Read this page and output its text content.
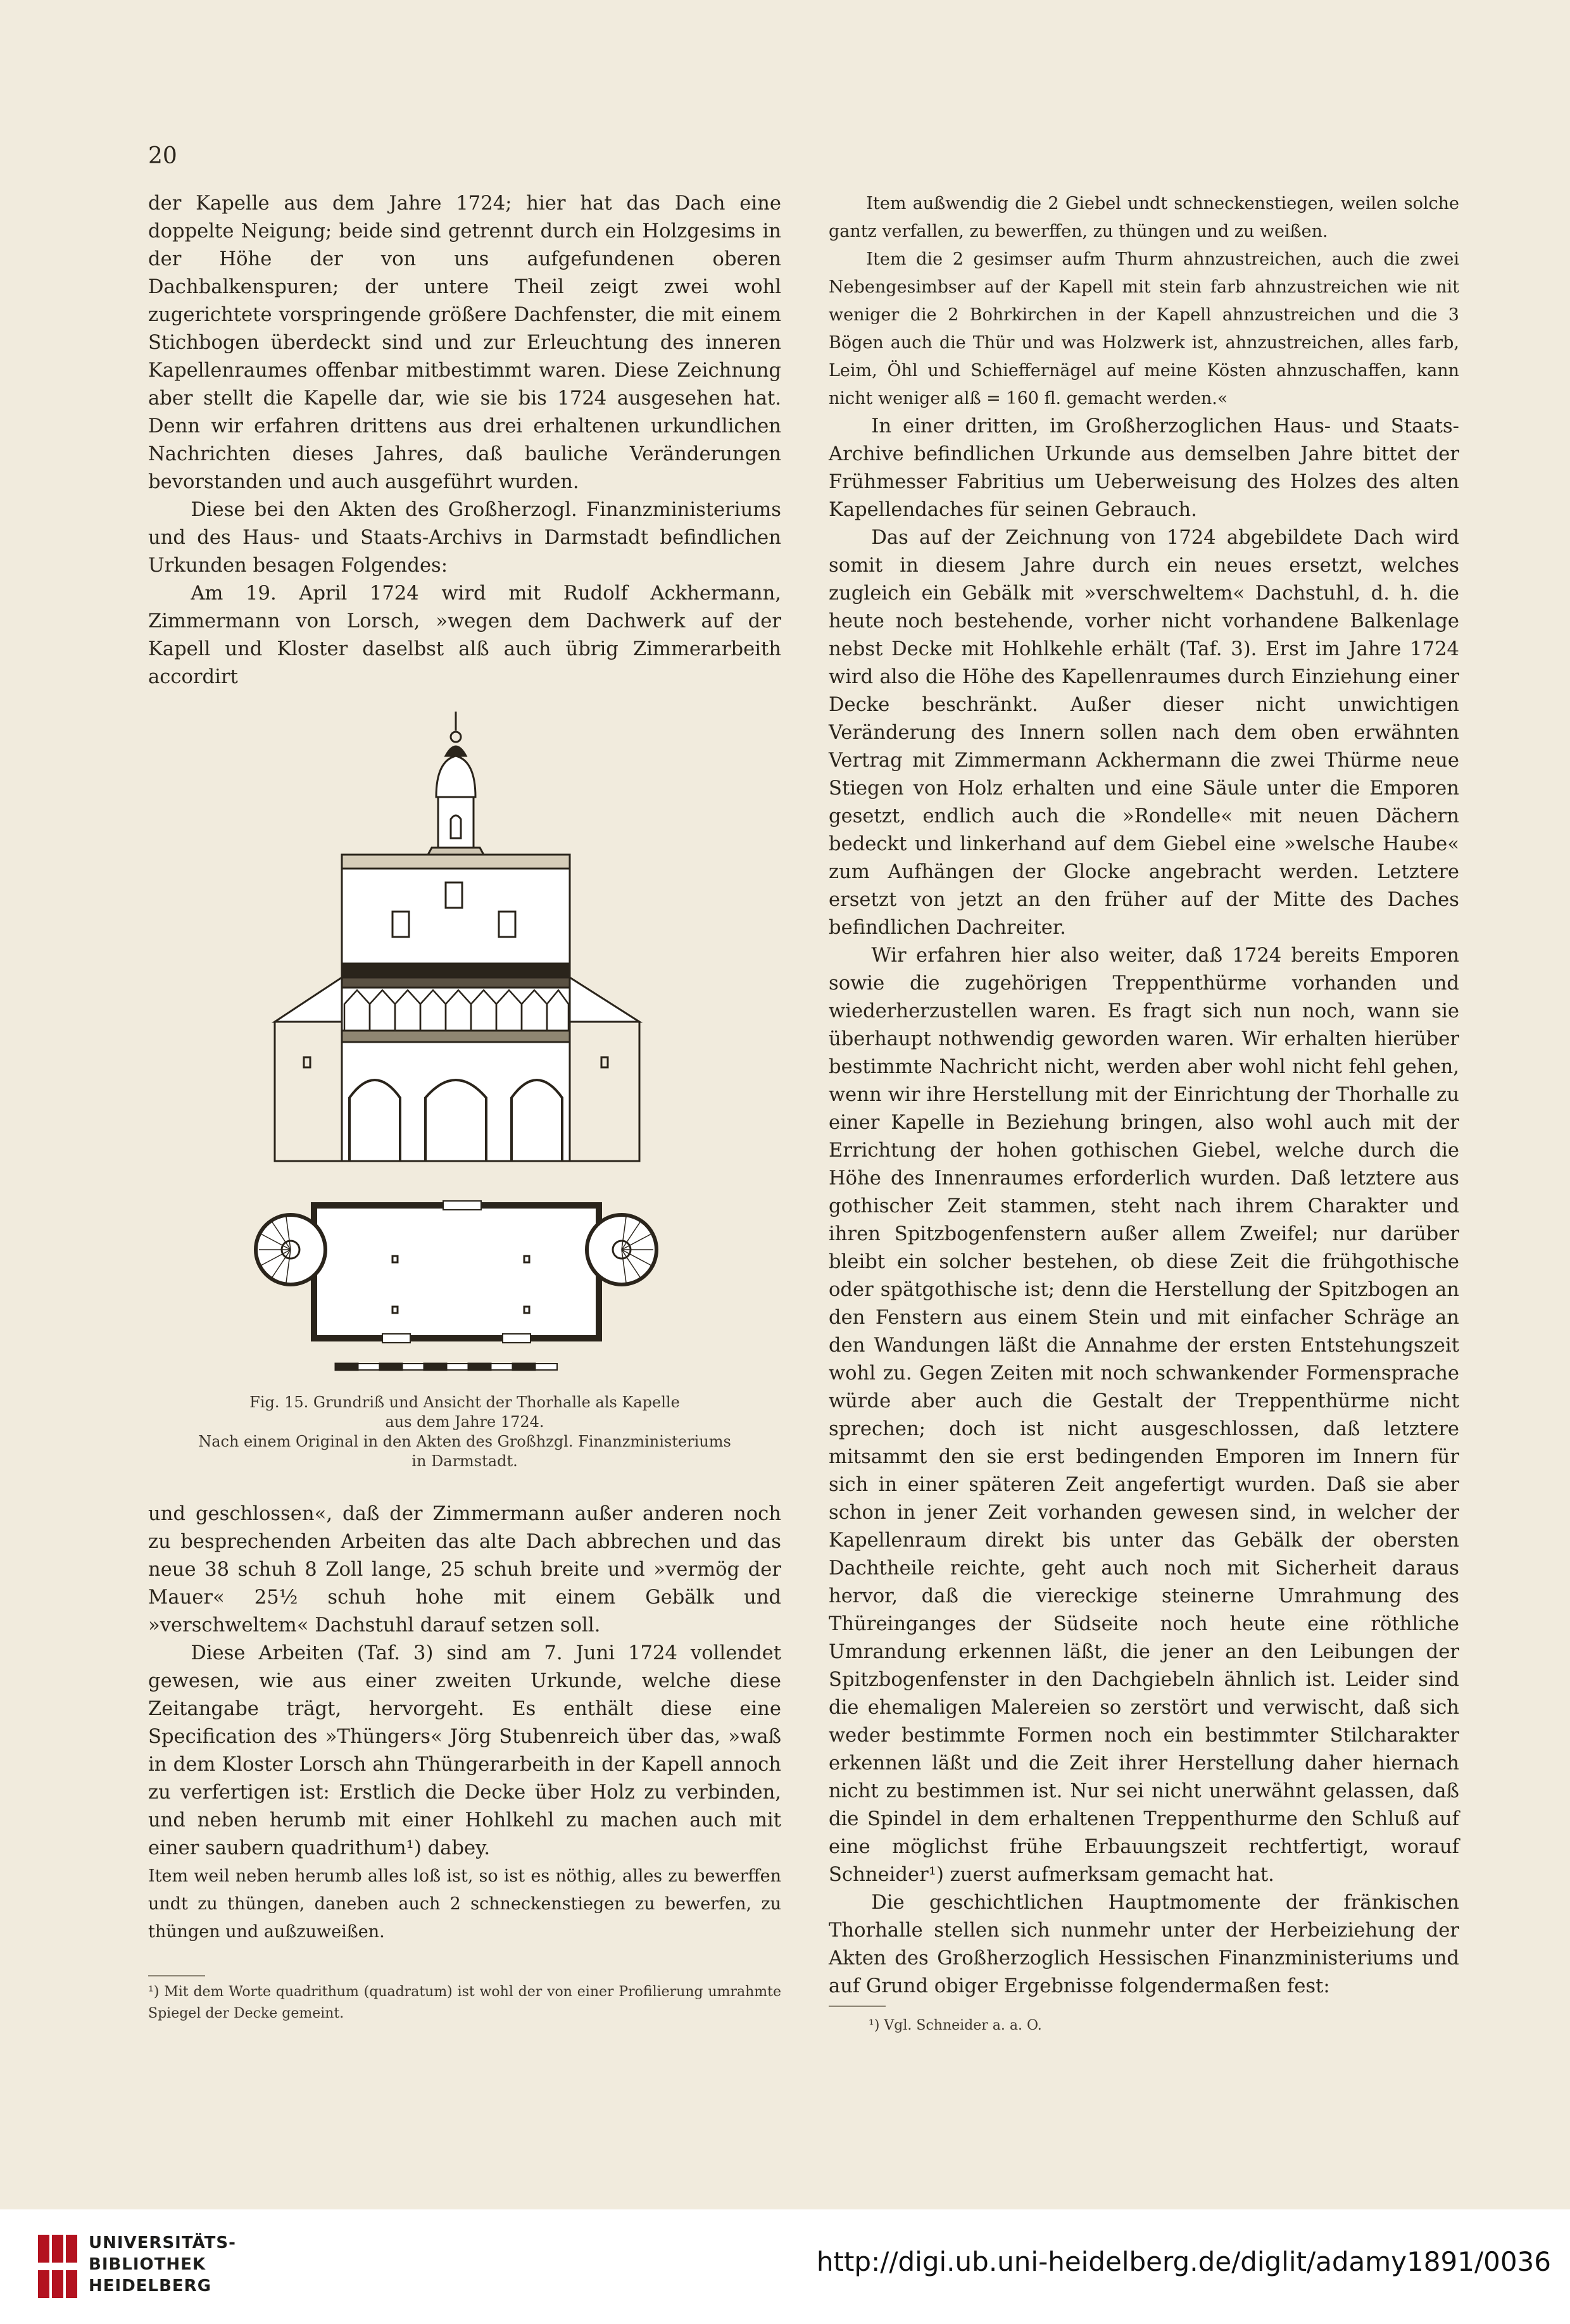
20

der Kapelle aus dem Jahre 1724; hier hat das Dach eine doppelte Neigung; beide sind getrennt durch ein Holzgesims in der Höhe der von uns aufgefundenen oberen Dachbalkenspuren; der untere Theil zeigt zwei wohl zugerichtete vorspringende größere Dachfenster, die mit einem Stichbogen überdeckt sind und zur Erleuchtung des inneren Kapellenraumes offenbar mitbestimmt waren. Diese Zeichnung aber stellt die Kapelle dar, wie sie bis 1724 ausgesehen hat. Denn wir erfahren drittens aus drei erhaltenen urkundlichen Nachrichten dieses Jahres, daß bauliche Veränderungen bevorstanden und auch ausgeführt wurden.

Diese bei den Akten des Großherzogl. Finanzministeriums und des Haus- und Staats-Archivs in Darmstadt befindlichen Urkunden besagen Folgendes:

Am 19. April 1724 wird mit Rudolf Ackhermann, Zimmermann von Lorsch, »wegen dem Dachwerk auf der Kapell und Kloster daselbst alß auch übrig Zimmerarbeith accordirt

Fig. 15. Grundriß und Ansicht der Thorhalle als Kapelle
aus dem Jahre 1724.
Nach einem Original in den Akten des Großhzgl. Finanzministeriums
in Darmstadt.

und geschlossen«, daß der Zimmermann außer anderen noch zu besprechenden Arbeiten das alte Dach abbrechen und das neue 38 schuh 8 Zoll lange, 25 schuh breite und »vermög der Mauer« 25½ schuh hohe mit einem Gebälk und »verschweltem« Dachstuhl darauf setzen soll.

Diese Arbeiten (Taf. 3) sind am 7. Juni 1724 vollendet gewesen, wie aus einer zweiten Urkunde, welche diese Zeitangabe trägt, hervorgeht. Es enthält diese eine Specification des »Thüngers« Jörg Stubenreich über das, »waß in dem Kloster Lorsch ahn Thüngerarbeith in der Kapell annoch zu verfertigen ist: Erstlich die Decke über Holz zu verbinden, und neben herumb mit einer Hohlkehl zu machen auch mit einer saubern quadrithum¹) dabey.

Item weil neben herumb alles loß ist, so ist es nöthig, alles zu bewerffen undt zu thüngen, daneben auch 2 schneckenstiegen zu bewerfen, zu thüngen und außzuweißen.

¹) Mit dem Worte quadrithum (quadratum) ist wohl der von einer Profilierung umrahmte Spiegel der Decke gemeint.

Item außwendig die 2 Giebel undt schneckenstiegen, weilen solche gantz verfallen, zu bewerffen, zu thüngen und zu weißen.

Item die 2 gesimser aufm Thurm ahnzustreichen, auch die zwei Nebengesimbser auf der Kapell mit stein farb ahnzustreichen wie nit weniger die 2 Bohrkirchen in der Kapell ahnzustreichen und die 3 Bögen auch die Thür und was Holzwerk ist, ahnzustreichen, alles farb, Leim, Öhl und Schieffernägel auf meine Kösten ahnzuschaffen, kann nicht weniger alß = 160 fl. gemacht werden.«

In einer dritten, im Großherzoglichen Haus- und Staats-Archive befindlichen Urkunde aus demselben Jahre bittet der Frühmesser Fabritius um Ueberweisung des Holzes des alten Kapellendaches für seinen Gebrauch.

Das auf der Zeichnung von 1724 abgebildete Dach wird somit in diesem Jahre durch ein neues ersetzt, welches zugleich ein Gebälk mit »verschweltem« Dachstuhl, d. h. die heute noch bestehende, vorher nicht vorhandene Balkenlage nebst Decke mit Hohlkehle erhält (Taf. 3). Erst im Jahre 1724 wird also die Höhe des Kapellenraumes durch Einziehung einer Decke beschränkt. Außer dieser nicht unwichtigen Veränderung des Innern sollen nach dem oben erwähnten Vertrag mit Zimmermann Ackhermann die zwei Thürme neue Stiegen von Holz erhalten und eine Säule unter die Emporen gesetzt, endlich auch die »Rondelle« mit neuen Dächern bedeckt und linkerhand auf dem Giebel eine »welsche Haube« zum Aufhängen der Glocke angebracht werden. Letztere ersetzt von jetzt an den früher auf der Mitte des Daches befindlichen Dachreiter.

Wir erfahren hier also weiter, daß 1724 bereits Emporen sowie die zugehörigen Treppenthürme vorhanden und wiederherzustellen waren. Es fragt sich nun noch, wann sie überhaupt nothwendig geworden waren. Wir erhalten hierüber bestimmte Nachricht nicht, werden aber wohl nicht fehl gehen, wenn wir ihre Herstellung mit der Einrichtung der Thorhalle zu einer Kapelle in Beziehung bringen, also wohl auch mit der Errichtung der hohen gothischen Giebel, welche durch die Höhe des Innenraumes erforderlich wurden. Daß letztere aus gothischer Zeit stammen, steht nach ihrem Charakter und ihren Spitzbogenfenstern außer allem Zweifel; nur darüber bleibt ein solcher bestehen, ob diese Zeit die frühgothische oder spätgothische ist; denn die Herstellung der Spitzbogen an den Fenstern aus einem Stein und mit einfacher Schräge an den Wandungen läßt die Annahme der ersten Entstehungszeit wohl zu. Gegen Zeiten mit noch schwankender Formensprache würde aber auch die Gestalt der Treppenthürme nicht sprechen; doch ist nicht ausgeschlossen, daß letztere mitsammt den sie erst bedingenden Emporen im Innern für sich in einer späteren Zeit angefertigt wurden. Daß sie aber schon in jener Zeit vorhanden gewesen sind, in welcher der Kapellenraum direkt bis unter das Gebälk der obersten Dachtheile reichte, geht auch noch mit Sicherheit daraus hervor, daß die viereckige steinerne Umrahmung des Thüreinganges der Südseite noch heute eine röthliche Umrandung erkennen läßt, die jener an den Leibungen der Spitzbogenfenster in den Dachgiebeln ähnlich ist. Leider sind die ehemaligen Malereien so zerstört und verwischt, daß sich weder bestimmte Formen noch ein bestimmter Stilcharakter erkennen läßt und die Zeit ihrer Herstellung daher hiernach nicht zu bestimmen ist. Nur sei nicht unerwähnt gelassen, daß die Spindel in dem erhaltenen Treppenthurme den Schluß auf eine möglichst frühe Erbauungszeit rechtfertigt, worauf Schneider¹) zuerst aufmerksam gemacht hat.

Die geschichtlichen Hauptmomente der fränkischen Thorhalle stellen sich nunmehr unter der Herbeiziehung der Akten des Großherzoglich Hessischen Finanzministeriums und auf Grund obiger Ergebnisse folgendermaßen fest:

¹) Vgl. Schneider a. a. O.
UNIVERSITÄTS-
BIBLIOTHEK
HEIDELBERG
http://digi.ub.uni-heidelberg.de/diglit/adamy1891/0036
